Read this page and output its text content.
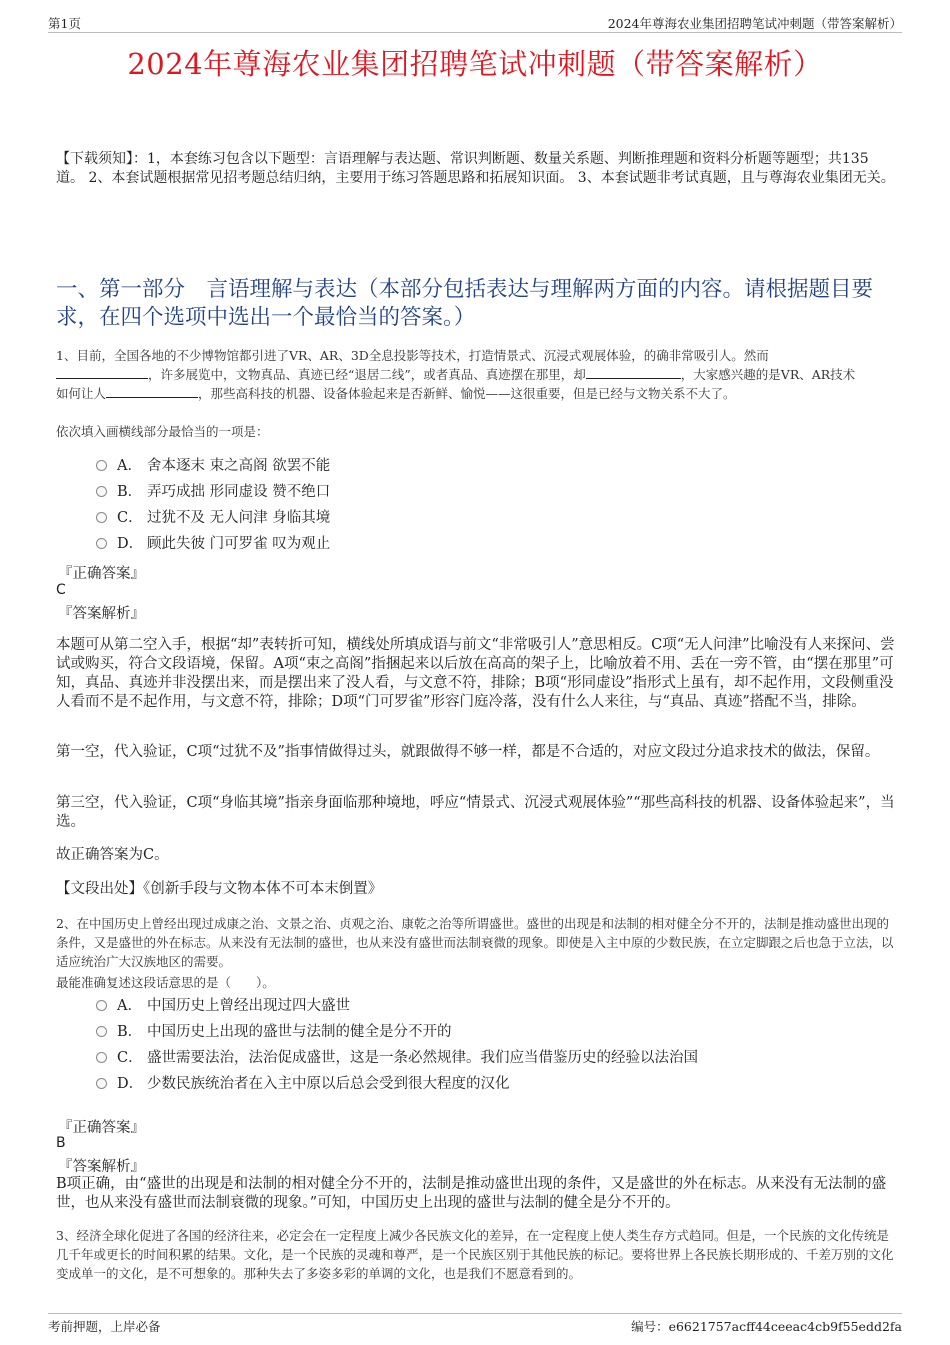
第1页	2024年尊海农业集团招聘笔试冲刺题（带答案解析）
2024年尊海农业集团招聘笔试冲刺题（带答案解析）
【下载须知】：1，本套练习包含以下题型：言语理解与表达题、常识判断题、数量关系题、判断推理题和资料分析题等题型；共135道。 2、本套试题根据常见招考题总结归纳，主要用于练习答题思路和拓展知识面。 3、本套试题非考试真题，且与尊海农业集团无关。
一、第一部分　言语理解与表达（本部分包括表达与理解两方面的内容。请根据题目要求，在四个选项中选出一个最恰当的答案。）
1、目前，全国各地的不少博物馆都引进了VR、AR、3D全息投影等技术，打造情景式、沉浸式观展体验，的确非常吸引人。然而
，许多展览中，文物真品、真迹已经“退居二线”，或者真品、真迹摆在那里，却	，大家感兴趣的是VR、AR技术
如何让人	，那些高科技的机器、设备体验起来是否新鲜、愉悦——这很重要，但是已经与文物关系不大了。
依次填入画横线部分最恰当的一项是：
A． 舍本逐末 束之高阁 欲罢不能
B． 弄巧成拙 形同虚设 赞不绝口
C． 过犹不及 无人问津 身临其境
D． 顾此失彼 门可罗雀 叹为观止
『正确答案』
C
『答案解析』
本题可从第二空入手，根据“却”表转折可知，横线处所填成语与前文“非常吸引人”意思相反。C项“无人问津”比喻没有人来探问、尝试或购买，符合文段语境，保留。A项“束之高阁”指捆起来以后放在高高的架子上，比喻放着不用、丢在一旁不管，由“摆在那里”可知，真品、真迹并非没摆出来，而是摆出来了没人看，与文意不符，排除；B项“形同虚设”指形式上虽有，却不起作用，文段侧重没人看而不是不起作用，与文意不符，排除；D项“门可罗雀”形容门庭冷落，没有什么人来往，与“真品、真迹”搭配不当，排除。
第一空，代入验证，C项“过犹不及”指事情做得过头，就跟做得不够一样，都是不合适的，对应文段过分追求技术的做法，保留。
第三空，代入验证，C项“身临其境”指亲身面临那种境地，呼应“情景式、沉浸式观展体验”“那些高科技的机器、设备体验起来”，当选。
故正确答案为C。
【文段出处】《创新手段与文物本体不可本末倒置》
2、在中国历史上曾经出现过成康之治、文景之治、贞观之治、康乾之治等所谓盛世。盛世的出现是和法制的相对健全分不开的，法制是推动盛世出现的条件，又是盛世的外在标志。从来没有无法制的盛世，也从来没有盛世而法制衰微的现象。即使是入主中原的少数民族，在立定脚跟之后也急于立法，以适应统治广大汉族地区的需要。
最能准确复述这段话意思的是（　　）。
A． 中国历史上曾经出现过四大盛世
B． 中国历史上出现的盛世与法制的健全是分不开的
C． 盛世需要法治，法治促成盛世，这是一条必然规律。我们应当借鉴历史的经验以法治国
D． 少数民族统治者在入主中原以后总会受到很大程度的汉化
『正确答案』
B
『答案解析』
B项正确，由“盛世的出现是和法制的相对健全分不开的，法制是推动盛世出现的条件，又是盛世的外在标志。从来没有无法制的盛世，也从来没有盛世而法制衰微的现象。”可知，中国历史上出现的盛世与法制的健全是分不开的。
3、经济全球化促进了各国的经济往来，必定会在一定程度上减少各民族文化的差异，在一定程度上使人类生存方式趋同。但是，一个民族的文化传统是几千年或更长的时间积累的结果。文化，是一个民族的灵魂和尊严，是一个民族区别于其他民族的标记。要将世界上各民族长期形成的、千差万别的文化变成单一的文化，是不可想象的。那种失去了多姿多彩的单调的文化，也是我们不愿意看到的。
考前押题，上岸必备	编号：e6621757acff44ceeac4cb9f55edd2fa
